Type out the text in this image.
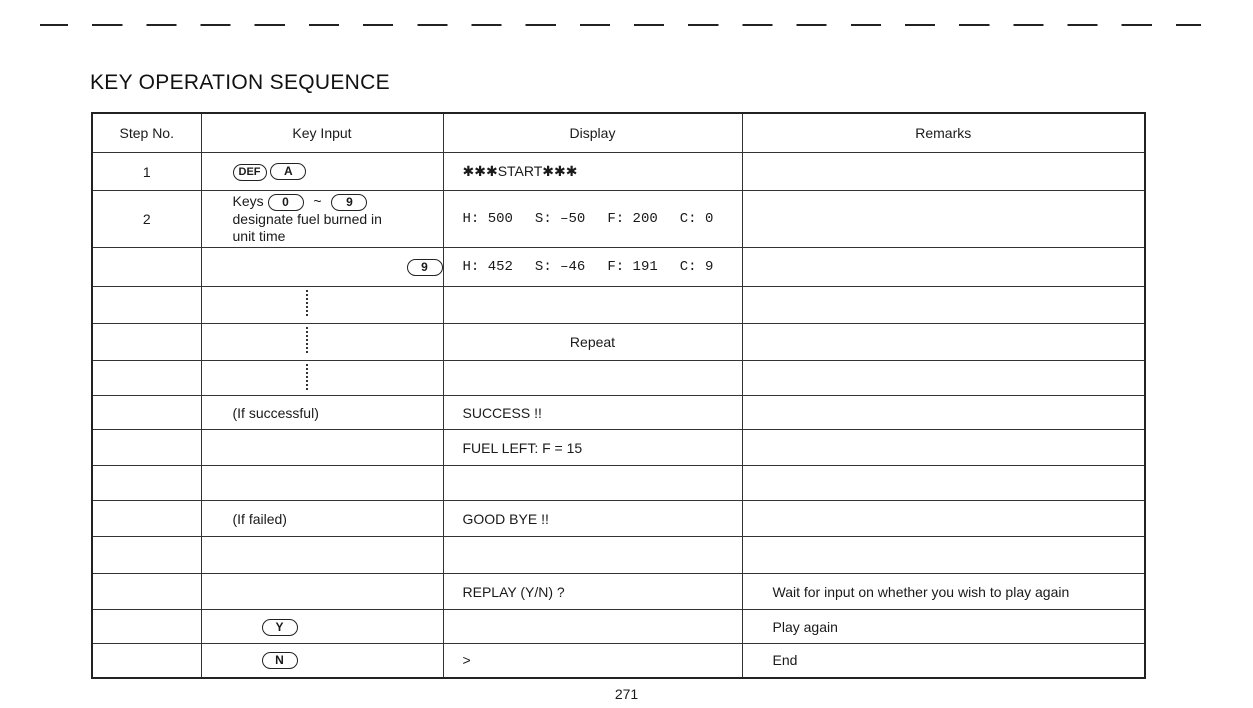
KEY OPERATION SEQUENCE
Step No.	Key Input	Display	Remarks
1	DEF A	✱✱✱START✱✱✱	
2	Keys 0 ~ 9
designate fuel burned in
unit time	H: 500 S: –50 F: 200 C: 0	
	9	H: 452 S: –46 F: 191 C: 9	

		Repeat	

	(If successful)	SUCCESS !!	
		FUEL LEFT: F = 15	

	(If failed)	GOOD BYE !!	

		REPLAY (Y/N) ?	Wait for input on whether you wish to play again
	Y		Play again
	N	>	End
271
